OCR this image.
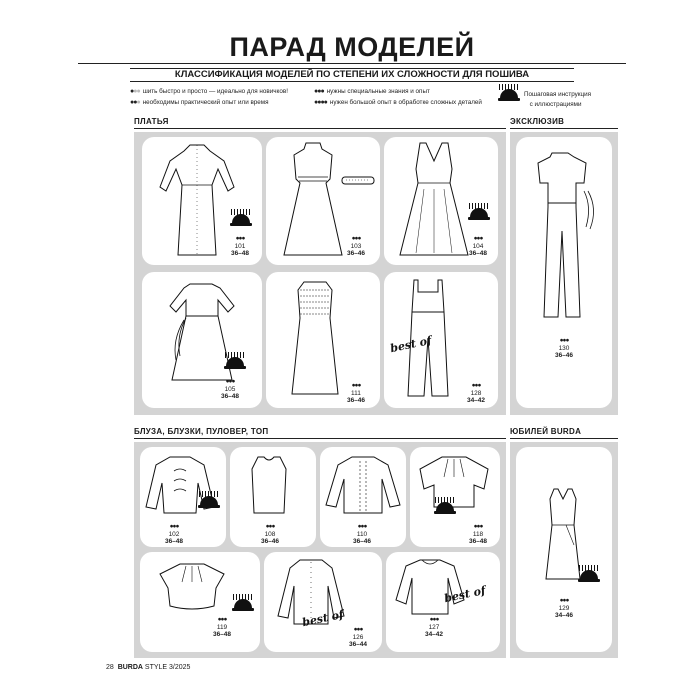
ПАРАД МОДЕЛЕЙ
КЛАССИФИКАЦИЯ МОДЕЛЕЙ ПО СТЕПЕНИ ИХ СЛОЖНОСТИ ДЛЯ ПОШИВА
●●● шить быстро и просто — идеально для новичков!
●●● необходимы практический опыт или время
●●● нужны специальные знания и опыт
●●●● нужен большой опыт в обработке сложных деталей
Пошаговая инструкция
с иллюстрациями
ПЛАТЬЯ	ЭКСКЛЮЗИВ
БЛУЗА, БЛУЗКИ, ПУЛОВЕР, ТОП	ЮБИЛЕЙ BURDA
●●●
101
36–48
●●●
103
36–46
●●●
104
36–48
●●●
105
36–48
●●●
111
36–46
best of
●●●
128
34–42
●●●
130
36–46
●●●
102
36–48
●●●
108
36–46
●●●
110
36–46
●●●
118
36–48
●●●
119
36–48
best of
●●●
126
36–44
best of
●●●
127
34–42
●●●
129
34–46
28 BURDA STYLE 3/2025
